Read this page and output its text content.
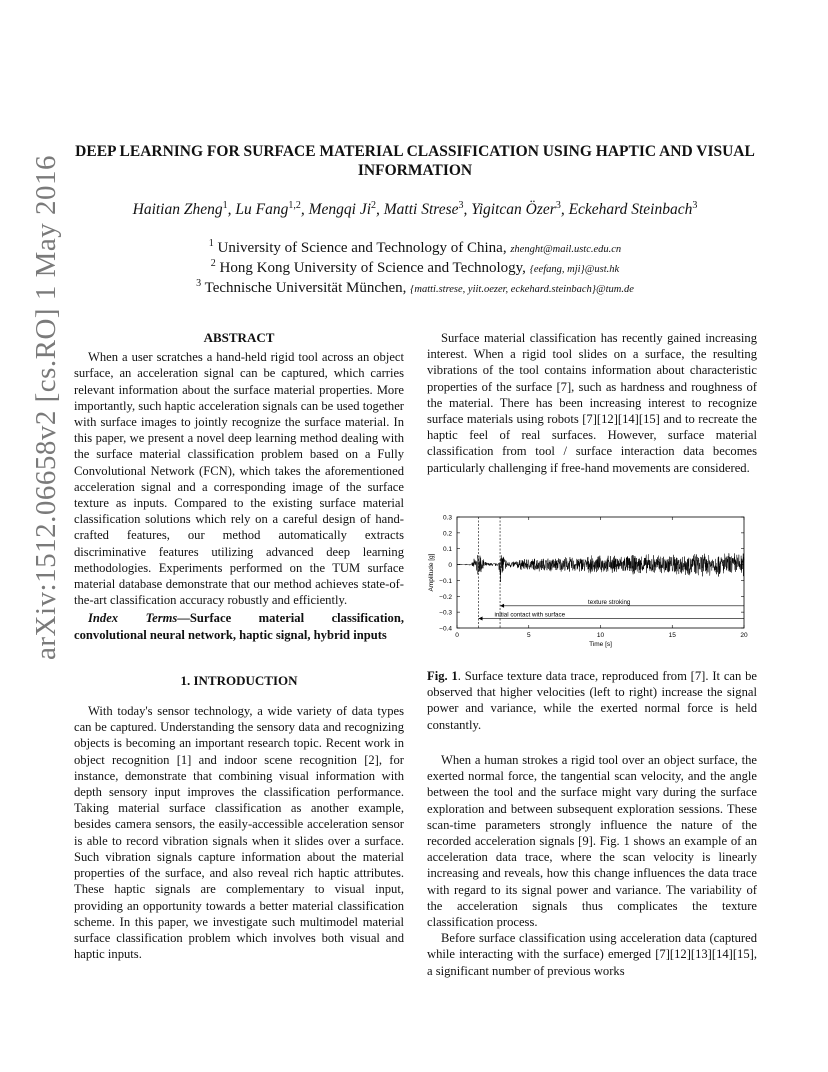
arXiv:1512.06658v2 [cs.RO] 1 May 2016
DEEP LEARNING FOR SURFACE MATERIAL CLASSIFICATION USING HAPTIC AND VISUAL INFORMATION
Haitian Zheng$^1$, Lu Fang$^{1,2}$, Mengqi Ji$^2$, Matti Strese$^3$, Yigitcan Özer$^3$, Eckehard Steinbach$^3$
$^1$ University of Science and Technology of China, zhenght@mail.ustc.edu.cn
$^2$ Hong Kong University of Science and Technology, {eefang, mji}@ust.hk
$^3$ Technische Universität München, {matti.strese, yiit.oezer, eckehard.steinbach}@tum.de
ABSTRACT

When a user scratches a hand-held rigid tool across an object surface, an acceleration signal can be captured, which carries relevant information about the surface material properties. More importantly, such haptic acceleration signals can be used together with surface images to jointly recognize the surface material. In this paper, we present a novel deep learning method dealing with the surface material classification problem based on a Fully Convolutional Network (FCN), which takes the aforementioned acceleration signal and a corresponding image of the surface texture as inputs. Compared to the existing surface material classification solutions which rely on a careful design of hand-crafted features, our method automatically extracts discriminative features utilizing advanced deep learning methodologies. Experiments performed on the TUM surface material database demonstrate that our method achieves state-of-the-art classification accuracy robustly and efficiently.

Index Terms—Surface material classification, convolutional neural network, haptic signal, hybrid inputs

1. INTRODUCTION

With today's sensor technology, a wide variety of data types can be captured. Understanding the sensory data and recognizing objects is becoming an important research topic. Recent work in object recognition [1] and indoor scene recognition [2], for instance, demonstrate that combining visual information with depth sensory input improves the classification performance. Taking material surface classification as another example, besides camera sensors, the easily-accessible acceleration sensor is able to record vibration signals when it slides over a surface. Such vibration signals capture information about the material properties of the surface, and also reveal rich haptic attributes. These haptic signals are complementary to visual input, providing an opportunity towards a better material classification scheme. In this paper, we investigate such multimodel material surface classification problem which involves both visual and haptic inputs.

Surface material classification has recently gained increasing interest. When a rigid tool slides on a surface, the resulting vibrations of the tool contains information about characteristic properties of the surface [7], such as hardness and roughness of the material. There has been increasing interest to recognize surface materials using robots [7][12][14][15] and to recreate the haptic feel of real surfaces. However, surface material classification from tool / surface interaction data becomes particularly challenging if free-hand movements are considered.

0.3
0.2
0.1
0
−0.1
−0.2
−0.3
−0.4
0	5	10	15	20
Time [s]
Amplitude [g]
texture stroking
initial contact with surface

Fig. 1. Surface texture data trace, reproduced from [7]. It can be observed that higher velocities (left to right) increase the signal power and variance, while the exerted normal force is held constantly.

When a human strokes a rigid tool over an object surface, the exerted normal force, the tangential scan velocity, and the angle between the tool and the surface might vary during the surface exploration and between subsequent exploration sessions. These scan-time parameters strongly influence the nature of the recorded acceleration signals [9]. Fig. 1 shows an example of an acceleration data trace, where the scan velocity is linearly increasing and reveals, how this change influences the data trace with regard to its signal power and variance. The variability of the acceleration signals thus complicates the texture classification process.

Before surface classification using acceleration data (captured while interacting with the surface) emerged [7][12][13][14][15], a significant number of previous works
